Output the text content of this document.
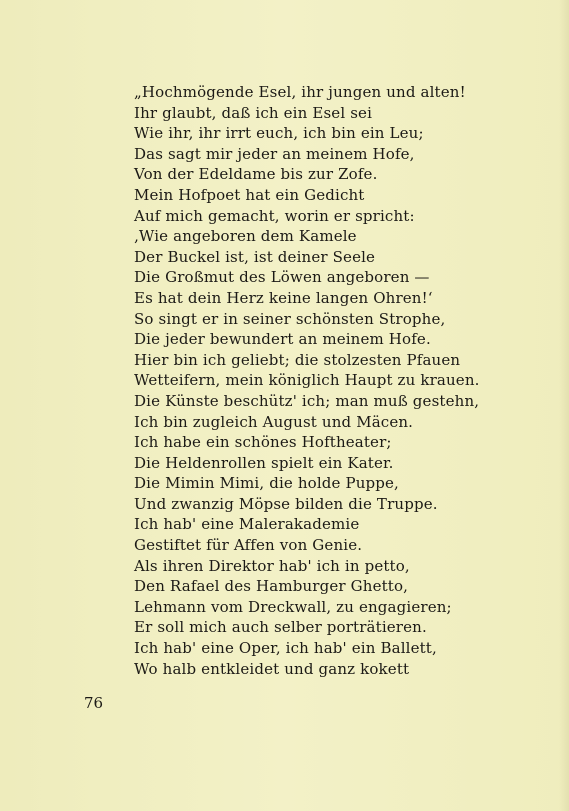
„Hochmögende Esel, ihr jungen und alten!
Ihr glaubt, daß ich ein Esel sei
Wie ihr, ihr irrt euch, ich bin ein Leu;
Das sagt mir jeder an meinem Hofe,
Von der Edeldame bis zur Zofe.
Mein Hofpoet hat ein Gedicht
Auf mich gemacht, worin er spricht:
‚Wie angeboren dem Kamele
Der Buckel ist, ist deiner Seele
Die Großmut des Löwen angeboren —
Es hat dein Herz keine langen Ohren!‘
So singt er in seiner schönsten Strophe,
Die jeder bewundert an meinem Hofe.
Hier bin ich geliebt; die stolzesten Pfauen
Wetteifern, mein königlich Haupt zu krauen.
Die Künste beschütz' ich; man muß gestehn,
Ich bin zugleich August und Mäcen.
Ich habe ein schönes Hoftheater;
Die Heldenrollen spielt ein Kater.
Die Mimin Mimi, die holde Puppe,
Und zwanzig Möpse bilden die Truppe.
Ich hab' eine Malerakademie
Gestiftet für Affen von Genie.
Als ihren Direktor hab' ich in petto,
Den Rafael des Hamburger Ghetto,
Lehmann vom Dreckwall, zu engagieren;
Er soll mich auch selber porträtieren.
Ich hab' eine Oper, ich hab' ein Ballett,
Wo halb entkleidet und ganz kokett
76
